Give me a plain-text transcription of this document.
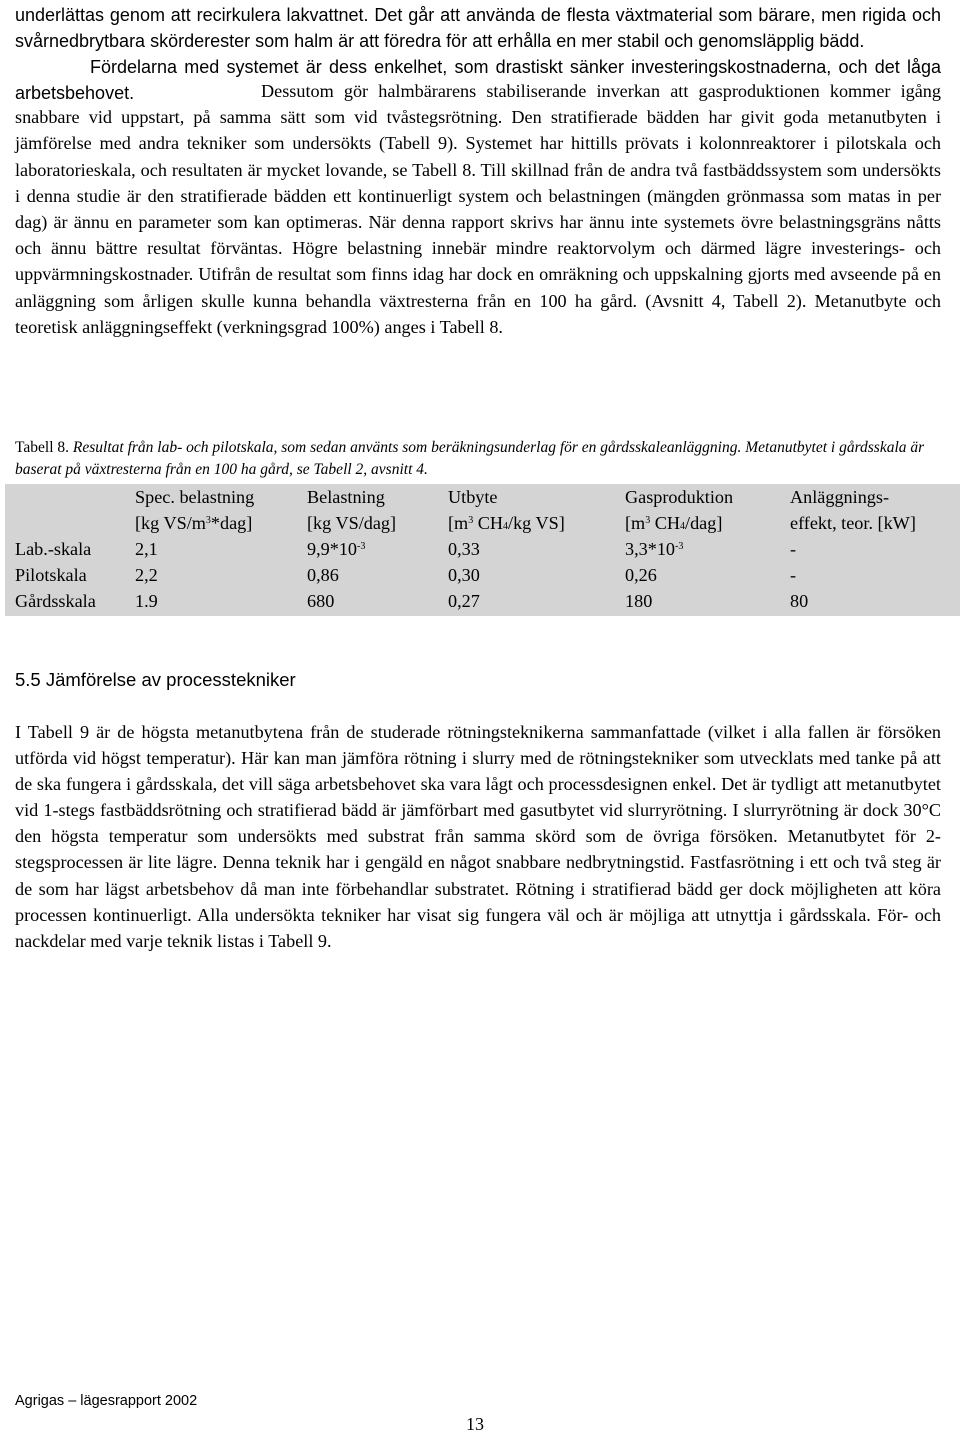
underlättas genom att recirkulera lakvattnet. Det går att använda de flesta växtmaterial som bärare, men rigida och svårnedbrytbara skörderester som halm är att föredra för att erhålla en mer stabil och genomsläpplig bädd.
Fördelarna med systemet är dess enkelhet, som drastiskt sänker investeringskostnaderna, och det låga arbetsbehovet.	Dessutom gör halmbärarens stabiliserande inverkan att gasproduktionen kommer igång snabbare vid uppstart, på samma sätt som vid tvåstegsrötning. Den stratifierade bädden har givit goda metanutbyten i jämförelse med andra tekniker som undersökts (Tabell 9). Systemet har hittills prövats i kolonnreaktorer i pilotskala och laboratorieskala, och resultaten är mycket lovande, se Tabell 8. Till skillnad från de andra två fastbäddssystem som undersökts i denna studie är den stratifierade bädden ett kontinuerligt system och belastningen (mängden grönmassa som matas in per dag) är ännu en parameter som kan optimeras. När denna rapport skrivs har ännu inte systemets övre belastningsgräns nåtts och ännu bättre resultat förväntas. Högre belastning innebär mindre reaktorvolym och därmed lägre investerings- och uppvärmningskostnader. Utifrån de resultat som finns idag har dock en omräkning och uppskalning gjorts med avseende på en anläggning som årligen skulle kunna behandla växtresterna från en 100 ha gård. (Avsnitt 4, Tabell 2). Metanutbyte och teoretisk anläggningseffekt (verkningsgrad 100%) anges i Tabell 8.
Tabell 8. Resultat från lab- och pilotskala, som sedan använts som beräkningsunderlag för en gårdsskaleanläggning. Metanutbytet i gårdsskala är baserat på växtresterna från en 100 ha gård, se Tabell 2, avsnitt 4.
	Spec. belastning	Belastning	Utbyte	Gasproduktion	Anläggnings-
	[kg $VS/m^3*dag$]	[kg VS/dag]	[$m^3$ $CH_4/kg$ VS]	[$m^3$ $CH_4/dag$]	effekt, teor. [kW]
Lab.-skala	2,1	$9,9*10^{-3}$	0,33	$3,3*10^{-3}$	-
Pilotskala	2,2	0,86	0,30	0,26	-
Gårdsskala	1.9	680	0,27	180	80
5.5 Jämförelse av processtekniker
I Tabell 9 är de högsta metanutbytena från de studerade rötningsteknikerna sammanfattade (vilket i alla fallen är försöken utförda vid högst temperatur). Här kan man jämföra rötning i slurry med de rötningstekniker som utvecklats med tanke på att de ska fungera i gårdsskala, det vill säga arbetsbehovet ska vara lågt och processdesignen enkel. Det är tydligt att metanutbytet vid 1-stegs fastbäddsrötning och stratifierad bädd är jämförbart med gasutbytet vid slurryrötning. I slurryrötning är dock 30°C den högsta temperatur som undersökts med substrat från samma skörd som de övriga försöken. Metanutbytet för 2-stegsprocessen är lite lägre. Denna teknik har i gengäld en något snabbare nedbrytningstid. Fastfasrötning i ett och två steg är de som har lägst arbetsbehov då man inte förbehandlar substratet. Rötning i stratifierad bädd ger dock möjligheten att köra processen kontinuerligt. Alla undersökta tekniker har visat sig fungera väl och är möjliga att utnyttja i gårdsskala. För- och nackdelar med varje teknik listas i Tabell 9.
Agrigas – lägesrapport 2002
13
